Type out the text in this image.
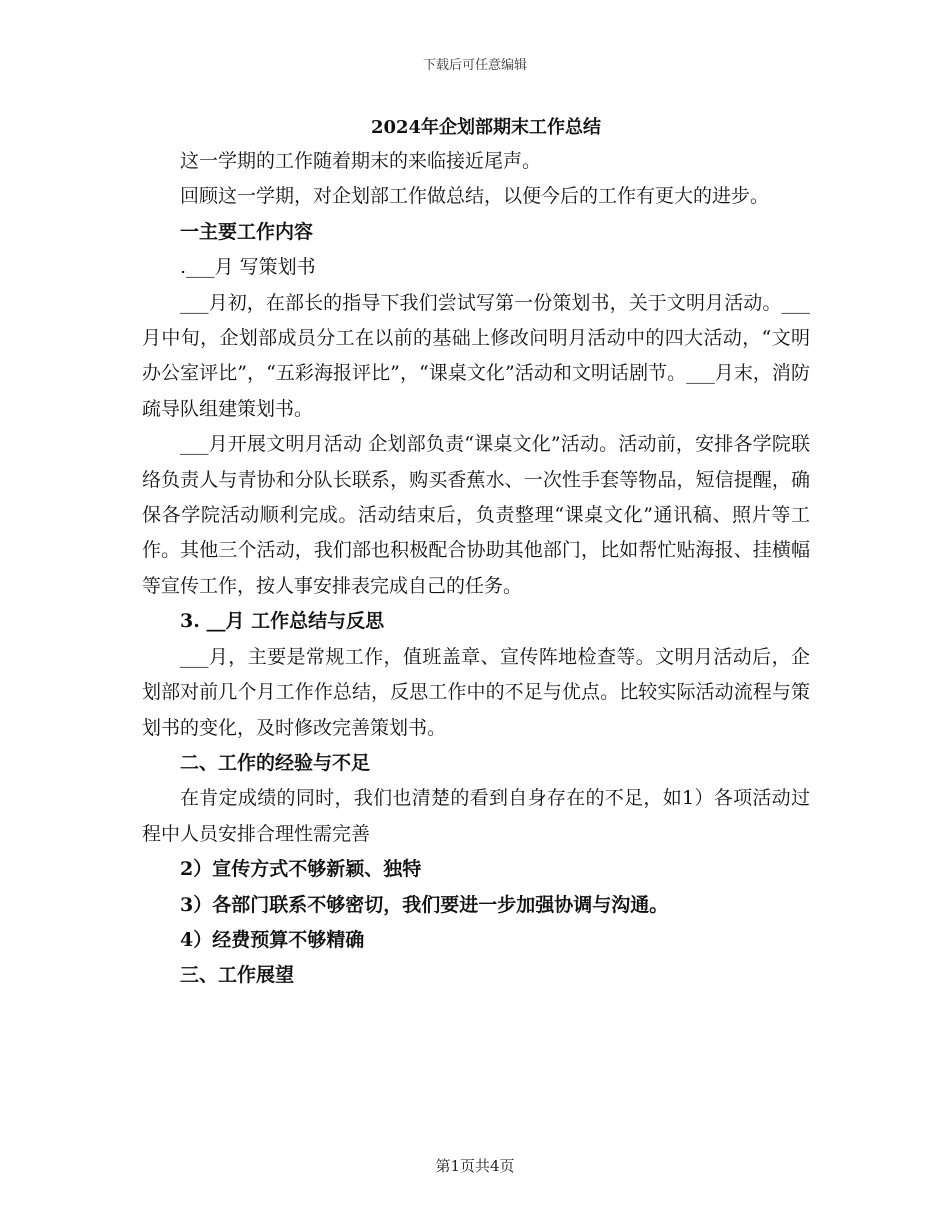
下载后可任意编辑
2024年企划部期末工作总结

这一学期的工作随着期末的来临接近尾声。

回顾这一学期，对企划部工作做总结，以便今后的工作有更大的进步。

一主要工作内容

.___月 写策划书

___月初，在部长的指导下我们尝试写第一份策划书，关于文明月活动。___月中旬，企划部成员分工在以前的基础上修改问明月活动中的四大活动，“文明办公室评比”，“五彩海报评比”，“课桌文化”活动和文明话剧节。___月末，消防疏导队组建策划书。

___月开展文明月活动 企划部负责“课桌文化”活动。活动前，安排各学院联络负责人与青协和分队长联系，购买香蕉水、一次性手套等物品，短信提醒，确保各学院活动顺利完成。活动结束后，负责整理“课桌文化”通讯稿、照片等工作。其他三个活动，我们部也积极配合协助其他部门，比如帮忙贴海报、挂横幅等宣传工作，按人事安排表完成自己的任务。

3. __月 工作总结与反思

___月，主要是常规工作，值班盖章、宣传阵地检查等。文明月活动后，企划部对前几个月工作作总结，反思工作中的不足与优点。比较实际活动流程与策划书的变化，及时修改完善策划书。

二、工作的经验与不足

在肯定成绩的同时，我们也清楚的看到自身存在的不足，如1）各项活动过程中人员安排合理性需完善

2）宣传方式不够新颖、独特

3）各部门联系不够密切，我们要进一步加强协调与沟通。

4）经费预算不够精确

三、工作展望

第1页共4页
